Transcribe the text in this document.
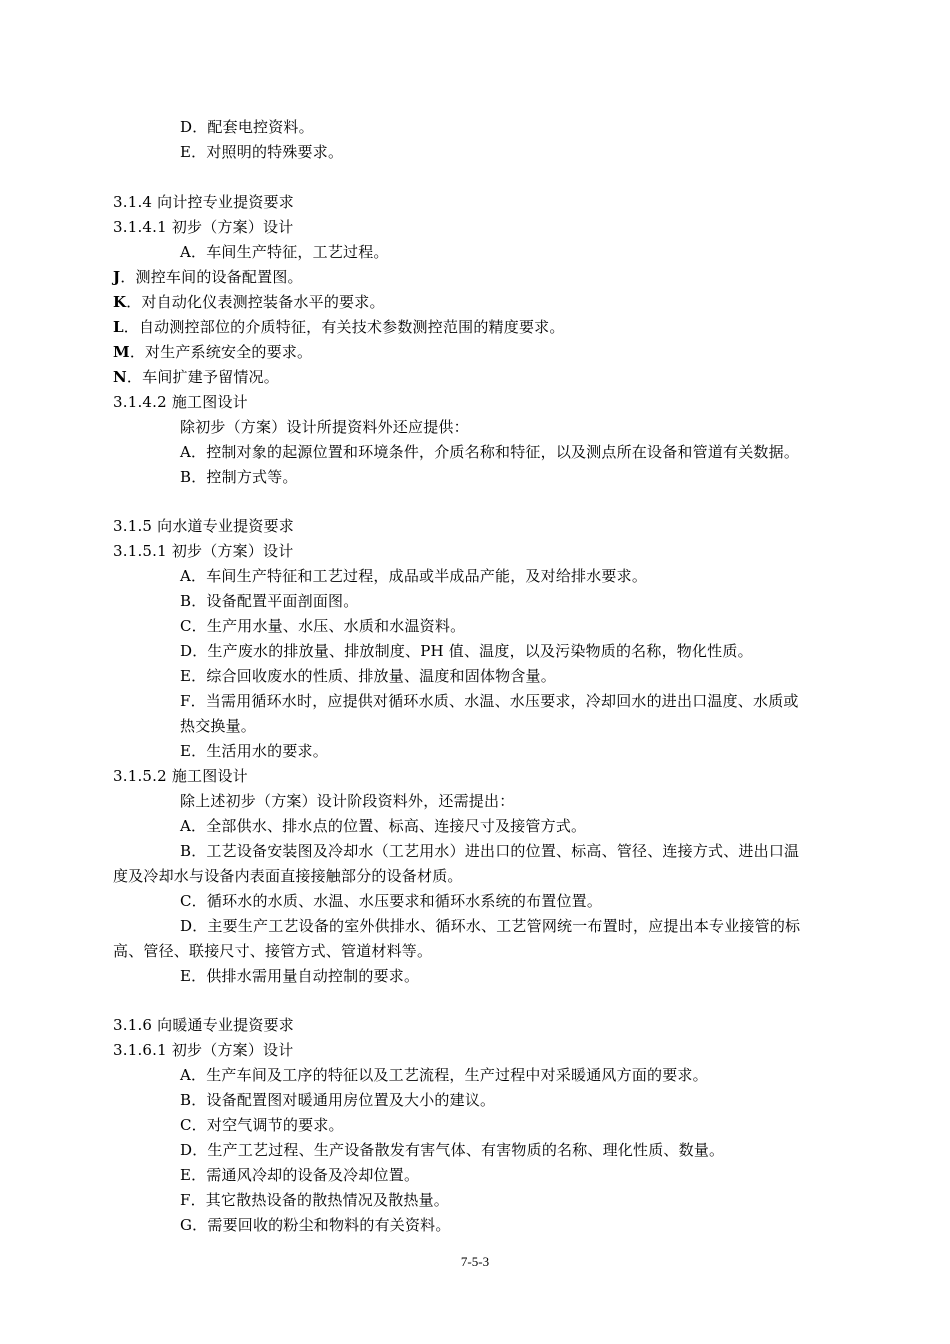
D．配套电控资料。
E．对照明的特殊要求。
3.1.4 向计控专业提资要求
3.1.4.1 初步（方案）设计
A．车间生产特征，工艺过程。
J．测控车间的设备配置图。
K．对自动化仪表测控装备水平的要求。
L．自动测控部位的介质特征，有关技术参数测控范围的精度要求。
M．对生产系统安全的要求。
N．车间扩建予留情况。
3.1.4.2 施工图设计
除初步（方案）设计所提资料外还应提供：
A．控制对象的起源位置和环境条件，介质名称和特征，以及测点所在设备和管道有关数据。
B．控制方式等。
3.1.5 向水道专业提资要求
3.1.5.1 初步（方案）设计
A．车间生产特征和工艺过程，成品或半成品产能，及对给排水要求。
B．设备配置平面剖面图。
C．生产用水量、水压、水质和水温资料。
D．生产废水的排放量、排放制度、PH 值、温度，以及污染物质的名称，物化性质。
E．综合回收废水的性质、排放量、温度和固体物含量。
F．当需用循环水时，应提供对循环水质、水温、水压要求，冷却回水的进出口温度、水质或
热交换量。
E．生活用水的要求。
3.1.5.2 施工图设计
除上述初步（方案）设计阶段资料外，还需提出：
A．全部供水、排水点的位置、标高、连接尺寸及接管方式。
B．工艺设备安装图及冷却水（工艺用水）进出口的位置、标高、管径、连接方式、进出口温
度及冷却水与设备内表面直接接触部分的设备材质。
C．循环水的水质、水温、水压要求和循环水系统的布置位置。
D．主要生产工艺设备的室外供排水、循环水、工艺管网统一布置时，应提出本专业接管的标
高、管径、联接尺寸、接管方式、管道材料等。
E．供排水需用量自动控制的要求。
3.1.6 向暖通专业提资要求
3.1.6.1 初步（方案）设计
A．生产车间及工序的特征以及工艺流程，生产过程中对采暖通风方面的要求。
B．设备配置图对暖通用房位置及大小的建议。
C．对空气调节的要求。
D．生产工艺过程、生产设备散发有害气体、有害物质的名称、理化性质、数量。
E．需通风冷却的设备及冷却位置。
F．其它散热设备的散热情况及散热量。
G．需要回收的粉尘和物料的有关资料。
7-5-3
